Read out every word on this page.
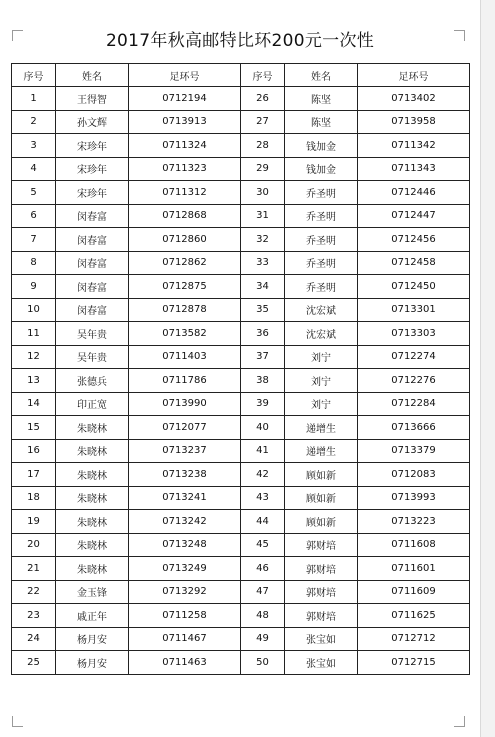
2017年秋高邮特比环200元一次性
序号	姓名	足环号	序号	姓名	足环号
1	王得智	0712194	26	陈坚	0713402
2	孙文辉	0713913	27	陈坚	0713958
3	宋珍年	0711324	28	钱加金	0711342
4	宋珍年	0711323	29	钱加金	0711343
5	宋珍年	0711312	30	乔圣明	0712446
6	闵春富	0712868	31	乔圣明	0712447
7	闵春富	0712860	32	乔圣明	0712456
8	闵春富	0712862	33	乔圣明	0712458
9	闵春富	0712875	34	乔圣明	0712450
10	闵春富	0712878	35	沈宏斌	0713301
11	吴年贵	0713582	36	沈宏斌	0713303
12	吴年贵	0711403	37	刘宁	0712274
13	张德兵	0711786	38	刘宁	0712276
14	印正宽	0713990	39	刘宁	0712284
15	朱晓林	0712077	40	递增生	0713666
16	朱晓林	0713237	41	递增生	0713379
17	朱晓林	0713238	42	顾如新	0712083
18	朱晓林	0713241	43	顾如新	0713993
19	朱晓林	0713242	44	顾如新	0713223
20	朱晓林	0713248	45	郭财培	0711608
21	朱晓林	0713249	46	郭财培	0711601
22	金玉锋	0713292	47	郭财培	0711609
23	戚正年	0711258	48	郭财培	0711625
24	杨月安	0711467	49	张宝如	0712712
25	杨月安	0711463	50	张宝如	0712715
